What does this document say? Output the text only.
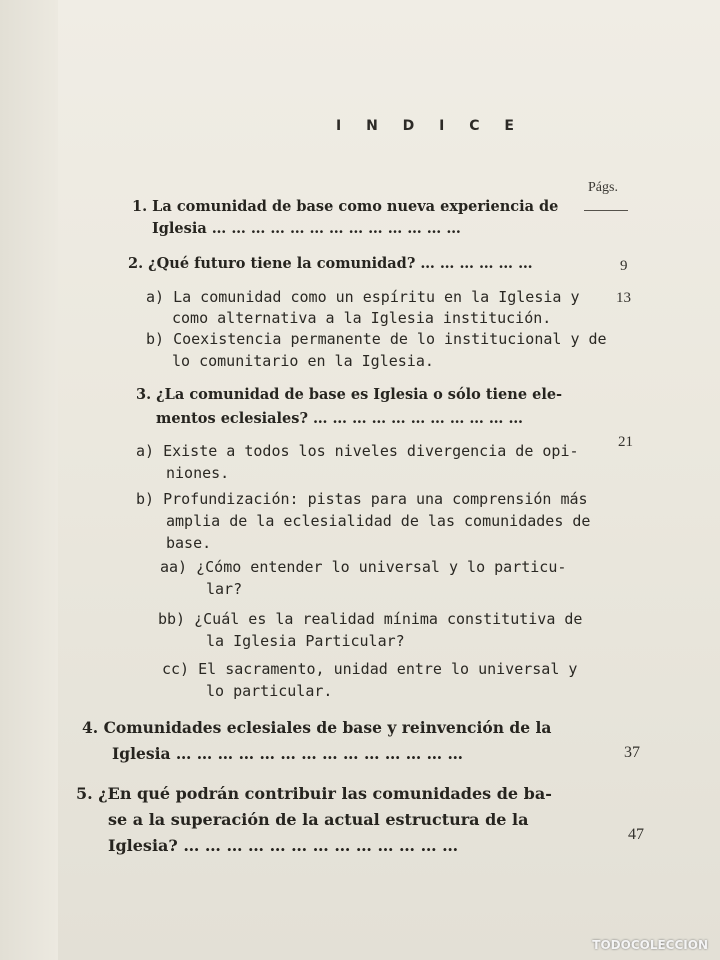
I N D I C E
Págs.
1. La comunidad de base como nueva experiencia de
Iglesia … … … … … … … … … … … … …
2. ¿Qué futuro tiene la comunidad? … … … … … …	9
a) La comunidad como un espíritu en la Iglesia y
como alternativa a la Iglesia institución.
13
b) Coexistencia permanente de lo institucional y de
lo comunitario en la Iglesia.
3. ¿La comunidad de base es Iglesia o sólo tiene ele-
mentos eclesiales? … … … … … … … … … … …
21
a) Existe a todos los niveles divergencia de opi-
niones.
b) Profundización: pistas para una comprensión más
amplia de la eclesialidad de las comunidades de
base.
aa) ¿Cómo entender lo universal y lo particu-
lar?
bb) ¿Cuál es la realidad mínima constitutiva de
la Iglesia Particular?
cc) El sacramento, unidad entre lo universal y
lo particular.
4. Comunidades eclesiales de base y reinvención de la
Iglesia … … … … … … … … … … … … … …	37
5. ¿En qué podrán contribuir las comunidades de ba-
se a la superación de la actual estructura de la
Iglesia? … … … … … … … … … … … … …
47
TODOCOLECCION
